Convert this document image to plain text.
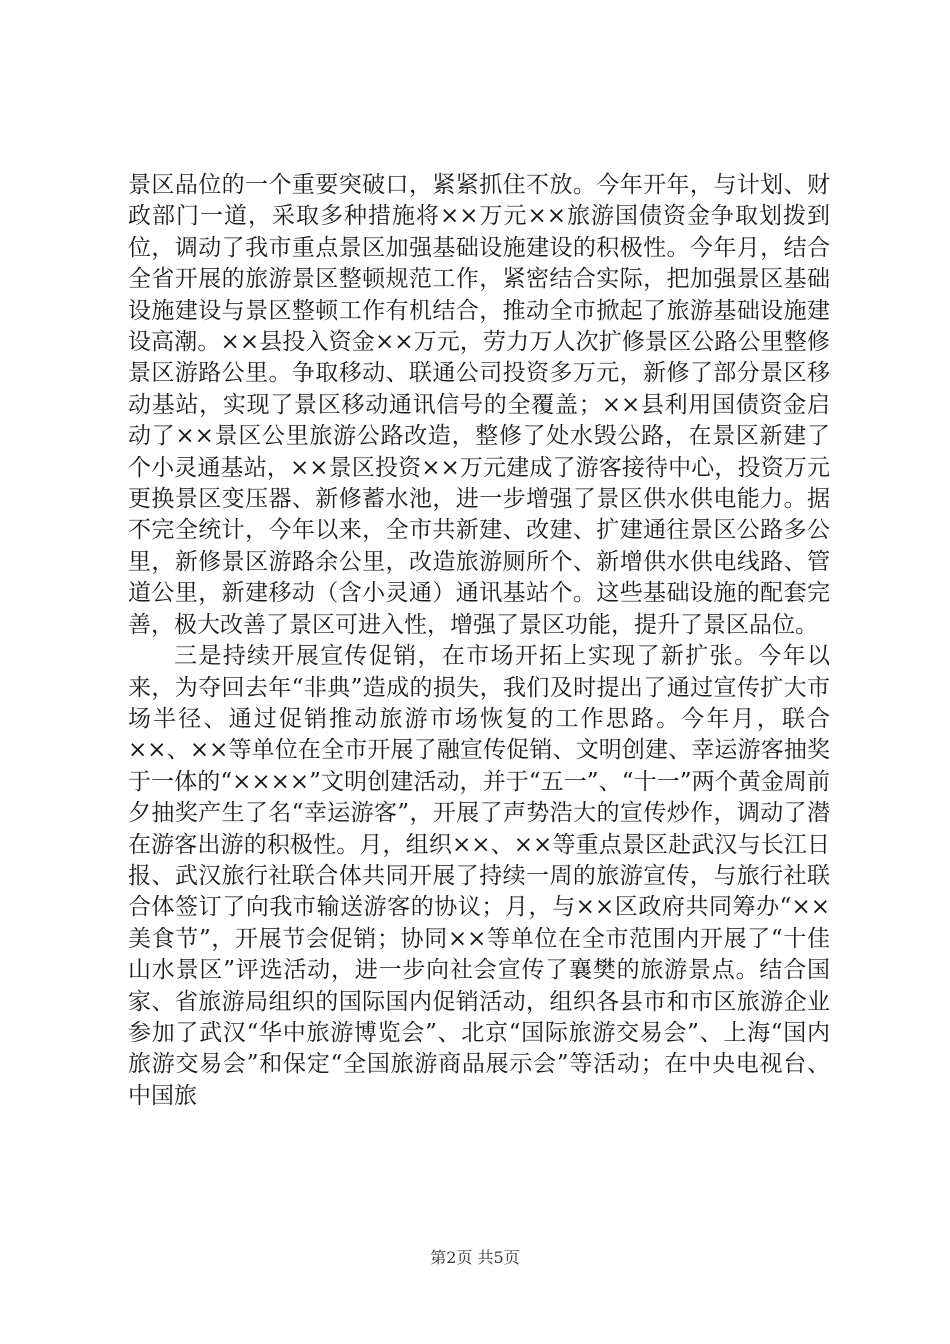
景区品位的一个重要突破口，紧紧抓住不放。今年开年，与计划、财政部门一道，采取多种措施将××万元××旅游国债资金争取划拨到位，调动了我市重点景区加强基础设施建设的积极性。今年月，结合全省开展的旅游景区整顿规范工作，紧密结合实际，把加强景区基础设施建设与景区整顿工作有机结合，推动全市掀起了旅游基础设施建设高潮。××县投入资金××万元，劳力万人次扩修景区公路公里整修景区游路公里。争取移动、联通公司投资多万元，新修了部分景区移动基站，实现了景区移动通讯信号的全覆盖；××县利用国债资金启动了××景区公里旅游公路改造，整修了处水毁公路，在景区新建了个小灵通基站，××景区投资××万元建成了游客接待中心，投资万元更换景区变压器、新修蓄水池，进一步增强了景区供水供电能力。据不完全统计，今年以来，全市共新建、改建、扩建通往景区公路多公里，新修景区游路余公里，改造旅游厕所个、新增供水供电线路、管道公里，新建移动（含小灵通）通讯基站个。这些基础设施的配套完善，极大改善了景区可进入性，增强了景区功能，提升了景区品位。

三是持续开展宣传促销，在市场开拓上实现了新扩张。今年以来，为夺回去年“非典”造成的损失，我们及时提出了通过宣传扩大市场半径、通过促销推动旅游市场恢复的工作思路。今年月，联合××、××等单位在全市开展了融宣传促销、文明创建、幸运游客抽奖于一体的“××××”文明创建活动，并于“五一”、“十一”两个黄金周前夕抽奖产生了名“幸运游客”，开展了声势浩大的宣传炒作，调动了潜在游客出游的积极性。月，组织××、××等重点景区赴武汉与长江日报、武汉旅行社联合体共同开展了持续一周的旅游宣传，与旅行社联合体签订了向我市输送游客的协议；月，与××区政府共同筹办“××美食节”，开展节会促销；协同××等单位在全市范围内开展了“十佳山水景区”评选活动，进一步向社会宣传了襄樊的旅游景点。结合国家、省旅游局组织的国际国内促销活动，组织各县市和市区旅游企业参加了武汉“华中旅游博览会”、北京“国际旅游交易会”、上海“国内旅游交易会”和保定“全国旅游商品展示会”等活动；在中央电视台、中国旅

第2页 共5页
